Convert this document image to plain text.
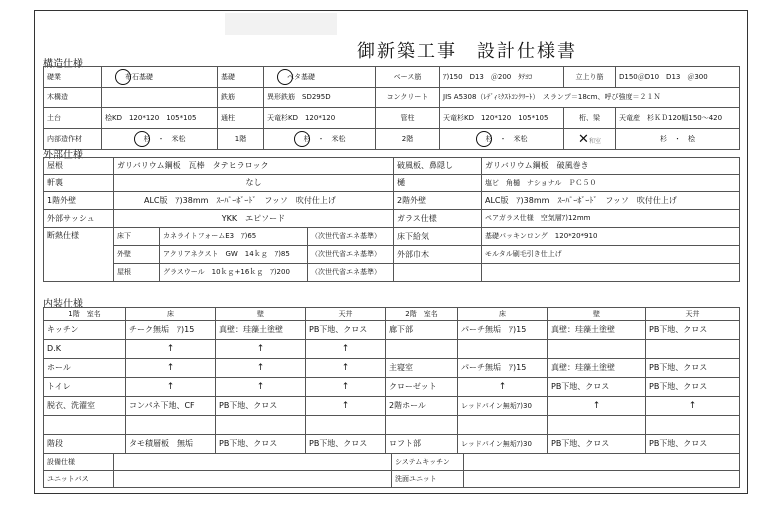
御新築工事　設計仕様書
構造仕様
礎業	布石基礎	基礎	ベタ基礎	ベース筋	ｱ)150　D13　＠200　ﾀﾃﾖｺ	立上り筋	D150＠D10　D13　＠300
木構造		鉄筋	異形鉄筋　SD295D	コンクリート	JIS A5308（ﾚﾃﾞｨﾐｸｽﾄｺﾝｸﾘｰﾄ）　スランプ＝18cm、呼び強度＝２１Ｎ		
土台	桧KD　120*120　105*105	通柱	天竜杉KD　120*120	管柱	天竜杉KD　120*120　105*105	桁、梁	天竜産　杉ＫＤ120幅150～420
内部造作材	杉　・　米松	1階	杉　・　米松	2階	杉　・　米松	✕和室	杉　・　桧
外部仕様
屋根	ガリバリウム鋼板　瓦棒　タテヒラロック			破風板、鼻隠し	ガリバリウム鋼板　破風巻き
軒裏	なし			樋	塩ビ　角樋　ナショナル　ＰＣ５０
1階外壁	ALC版　ｱ)38mm　ｽｰﾊﾟｰﾎﾞｰﾄﾞ　フッソ　吹付仕上げ			2階外壁	ALC版　ｱ)38mm　ｽｰﾊﾟｰﾎﾞｰﾄﾞ　フッソ　吹付仕上げ
外部サッシュ	YKK　エピソード			ガラス仕様	ペアガラス仕様　空気層ｱ)12mm
断熱仕様	床下	カネライトフォームE3　ｱ)65	（次世代省エネ基準）	床下給気	基礎パッキンロング　120*20*910
	外壁	アクリアネクスト　GW　14ｋｇ　ｱ)85	（次世代省エネ基準）	外部巾木	モルタル刷毛引き仕上げ
	屋根	グラスウール　10ｋｇ+16ｋｇ　ｱ)200	（次世代省エネ基準）		
内装仕様
1階　室名	床	壁	天井	2階　室名	床	壁	天井
キッチン	チーク無垢　ｱ)15	真壁：珪藻土塗壁	PB下地、クロス	廊下部	パーチ無垢　ｱ)15	真壁：珪藻土塗壁	PB下地、クロス
D.K	↑	↑	↑				
ホール	↑	↑	↑	主寝室	パーチ無垢　ｱ)15	真壁：珪藻土塗壁	PB下地、クロス
トイレ	↑	↑	↑	クローゼット	↑	PB下地、クロス	PB下地、クロス
脱衣、洗濯室	コンパネ下地、CF	PB下地、クロス	↑	2階ホール	レッドパイン無垢ｱ)30	↑	↑

階段	タモ積層板　無垢	PB下地、クロス	PB下地、クロス	ロフト部	レッドパイン無垢ｱ)30	PB下地、クロス	PB下地、クロス
設備仕様		システムキッチン	
ユニットバス		洗面ユニット	
